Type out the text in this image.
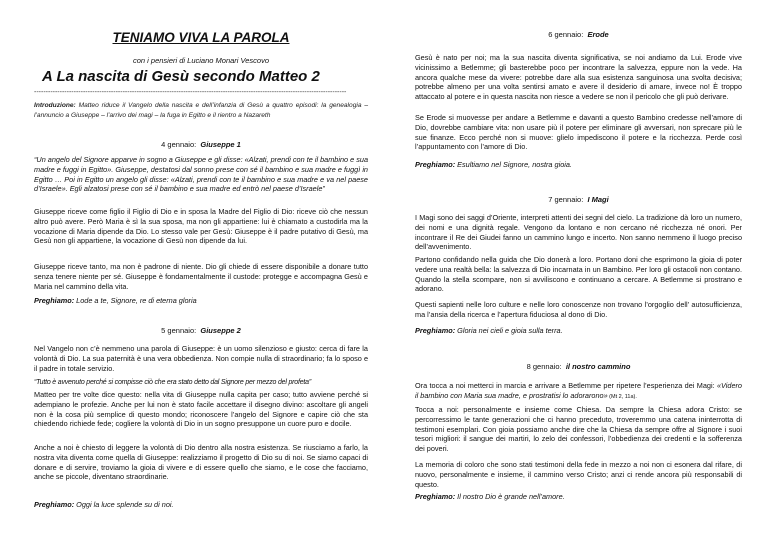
TENIAMO VIVA LA PAROLA
con i pensieri di Luciano Monari Vescovo
A La nascita di Gesù secondo Matteo 2
--------------------------------------------------------------------------------------------------------------------------------------

Introduzione: Matteo riduce il Vangelo della nascita e dell’infanzia di Gesù a quattro episodi: la genealogia – l’annuncio a Giuseppe – l’arrivo dei magi – la fuga in Egitto e il rientro a Nazareth

4 gennaio: Giuseppe 1

“Un angelo del Signore apparve in sogno a Giuseppe e gli disse: «Alzati, prendi con te il bambino e sua madre e fuggi in Egitto». Giuseppe, destatosi dal sonno prese con sé il bambino e sua madre e fuggì in Egitto … Poi in Egitto un angelo gli disse: «Alzati, prendi con te il bambino e sua madre e va nel paese d’Israele». Egli alzatosi prese con sé il bambino e sua madre ed entrò nel paese d’Israele”

Giuseppe riceve come figlio il Figlio di Dio e in sposa la Madre del Figlio di Dio: riceve ciò che nessun altro può avere. Però Maria è sì la sua sposa, ma non gli appartiene: lui è chiamato a custodirla ma la vocazione di Maria dipende da Dio. Lo stesso vale per Gesù: Giuseppe è il padre putativo di Gesù, ma Gesù non gli appartiene, la vocazione di Gesù non dipende da lui.

Giuseppe riceve tanto, ma non è padrone di niente. Dio gli chiede di essere disponibile a donare tutto senza tenere niente per sé. Giuseppe è fondamentalmente il custode: protegge e accompagna Gesù e Maria nel cammino della vita.

Preghiamo: Lode a te, Signore, re di eterna gloria

5 gennaio: Giuseppe 2

Nel Vangelo non c’è nemmeno una parola di Giuseppe: è un uomo silenzioso e giusto: cerca di fare la volontà di Dio. La sua paternità è una vera obbedienza. Non compie nulla di straordinario; fa lo sposo e il padre in totale servizio.

“Tutto è avvenuto perché si compisse ciò che era stato detto dal Signore per mezzo del profeta”

Matteo per tre volte dice questo: nella vita di Giuseppe nulla capita per caso; tutto avviene perché si adempiano le profezie. Anche per lui non è stato facile accettare il disegno divino: ascoltare gli angeli non è la cosa più semplice di questo mondo; riconoscere l’angelo del Signore e capire ciò che sta chiedendo richiede fede; cogliere la volontà di Dio in un sogno presuppone un cuore puro e docile.

Anche a noi è chiesto di leggere la volontà di Dio dentro alla nostra esistenza. Se riusciamo a farlo, la nostra vita diventa come quella di Giuseppe: realizziamo il progetto di Dio su di noi. Se siamo capaci di donare e di servire, troviamo la gioia di vivere e di essere quello che siamo, e le cose che facciamo, anche se piccole, diventano straordinarie.

Preghiamo: Oggi la luce splende su di noi.

6 gennaio: Erode

Gesù è nato per noi; ma la sua nascita diventa significativa, se noi andiamo da Lui. Erode vive vicinissimo a Betlemme; gli basterebbe poco per incontrare la salvezza, eppure non la vede. Ha ancora qualche mese da vivere: potrebbe dare alla sua esistenza sanguinosa una svolta decisiva; potrebbe almeno per una volta sentirsi amato e avere il desiderio di amare, invece no! È troppo attaccato al potere e in questa nascita non riesce a vedere se non il pericolo che gli può derivare.

Se Erode si muovesse per andare a Betlemme e davanti a questo Bambino credesse nell’amore di Dio, dovrebbe cambiare vita: non usare più il potere per eliminare gli avversari, non sprecare più le sue finanze. Ecco perché non si muove: glielo impediscono il potere e la ricchezza. Perde così l’appuntamento con l’amore di Dio.

Preghiamo: Esultiamo nel Signore, nostra gioia.

7 gennaio: I Magi

I Magi sono dei saggi d’Oriente, interpreti attenti dei segni del cielo. La tradizione dà loro un numero, dei nomi e una dignità regale. Vengono da lontano e non cercano né ricchezza né onori. Per incontrare il Re dei Giudei fanno un cammino lungo e incerto. Non sanno nemmeno il luogo preciso dell’avvenimento.

Partono confidando nella guida che Dio donerà a loro. Portano doni che esprimono la gioia di poter vedere una realtà bella: la salvezza di Dio incarnata in un Bambino. Per loro gli ostacoli non contano. Quando la stella scompare, non si avviliscono e continuano a cercare. A Betlemme si prostrano e adorano.

Questi sapienti nelle loro culture e nelle loro conoscenze non trovano l’orgoglio dell’ autosufficienza, ma l’ansia della ricerca e l’apertura fiduciosa al dono di Dio.

Preghiamo: Gloria nei cieli e gioia sulla terra.

8 gennaio: il nostro cammino

Ora tocca a noi metterci in marcia e arrivare a Betlemme per ripetere l’esperienza dei Magi: «Videro il bambino con Maria sua madre, e prostratisi lo adorarono» (Mt 2, 11a).

Tocca a noi: personalmente e insieme come Chiesa. Da sempre la Chiesa adora Cristo: se percorressimo le tante generazioni che ci hanno preceduto, troveremmo una catena ininterrotta di testimoni esemplari. Con gioia possiamo anche dire che la Chiesa da sempre offre al Signore i suoi tesori migliori: il sangue dei martiri, lo zelo dei confessori, l’obbedienza dei credenti e la sofferenza dei poveri.

La memoria di coloro che sono stati testimoni della fede in mezzo a noi non ci esonera dal rifare, di nuovo, personalmente e insieme, il cammino verso Cristo; anzi ci rende ancora più responsabili di questo.

Preghiamo: Il nostro Dio è grande nell’amore.
